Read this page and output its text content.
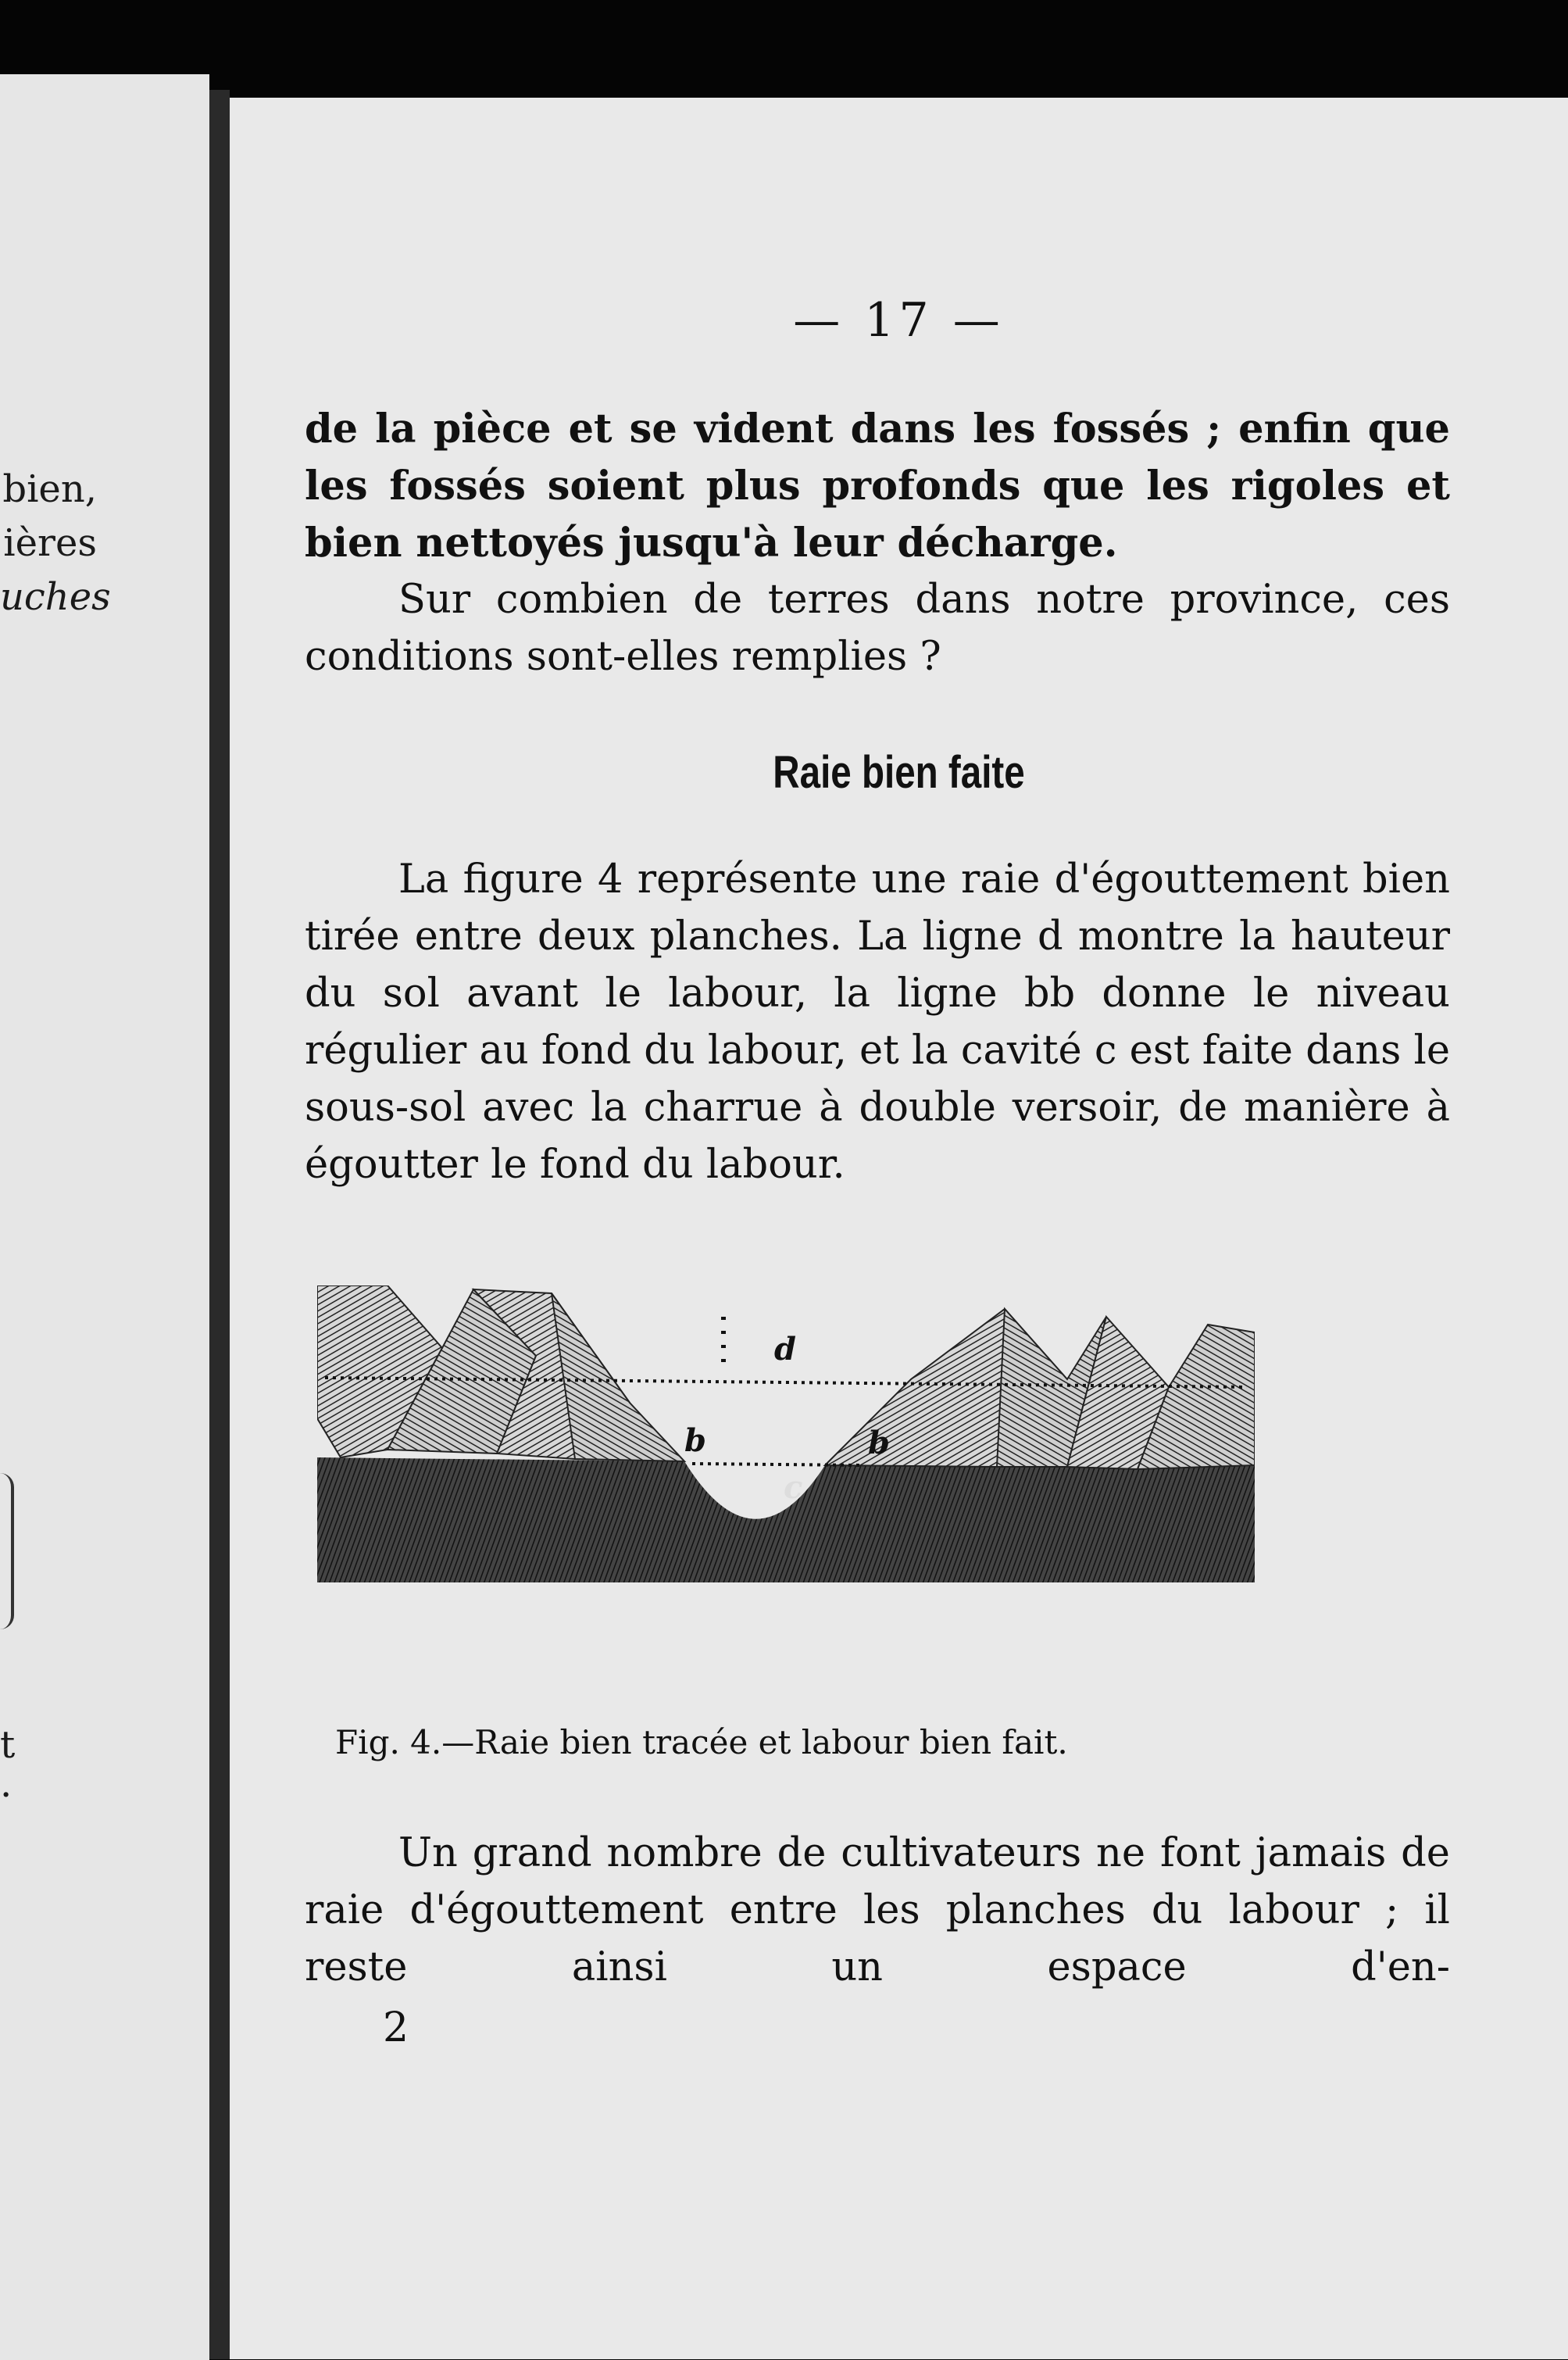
bien,
ières
uches
t
.
— 17 —

de la pièce et se vident dans les fossés ; enfin que les fossés soient plus profonds que les rigoles et bien nettoyés jusqu'à leur décharge.

Sur combien de terres dans notre province, ces conditions sont-elles remplies ?

Raie bien faite

La figure 4 représente une raie d'égouttement bien tirée entre deux planches. La ligne d montre la hauteur du sol avant le labour, la ligne bb donne le niveau régulier au fond du labour, et la cavité c est faite dans le sous-sol avec la charrue à double versoir, de manière à égoutter le fond du labour.

d
b	b
c
Fig. 4.—Raie bien tracée et labour bien fait.

Un grand nombre de cultivateurs ne font jamais de raie d'égouttement entre les planches du labour ; il reste ainsi un espace d'en-

2
